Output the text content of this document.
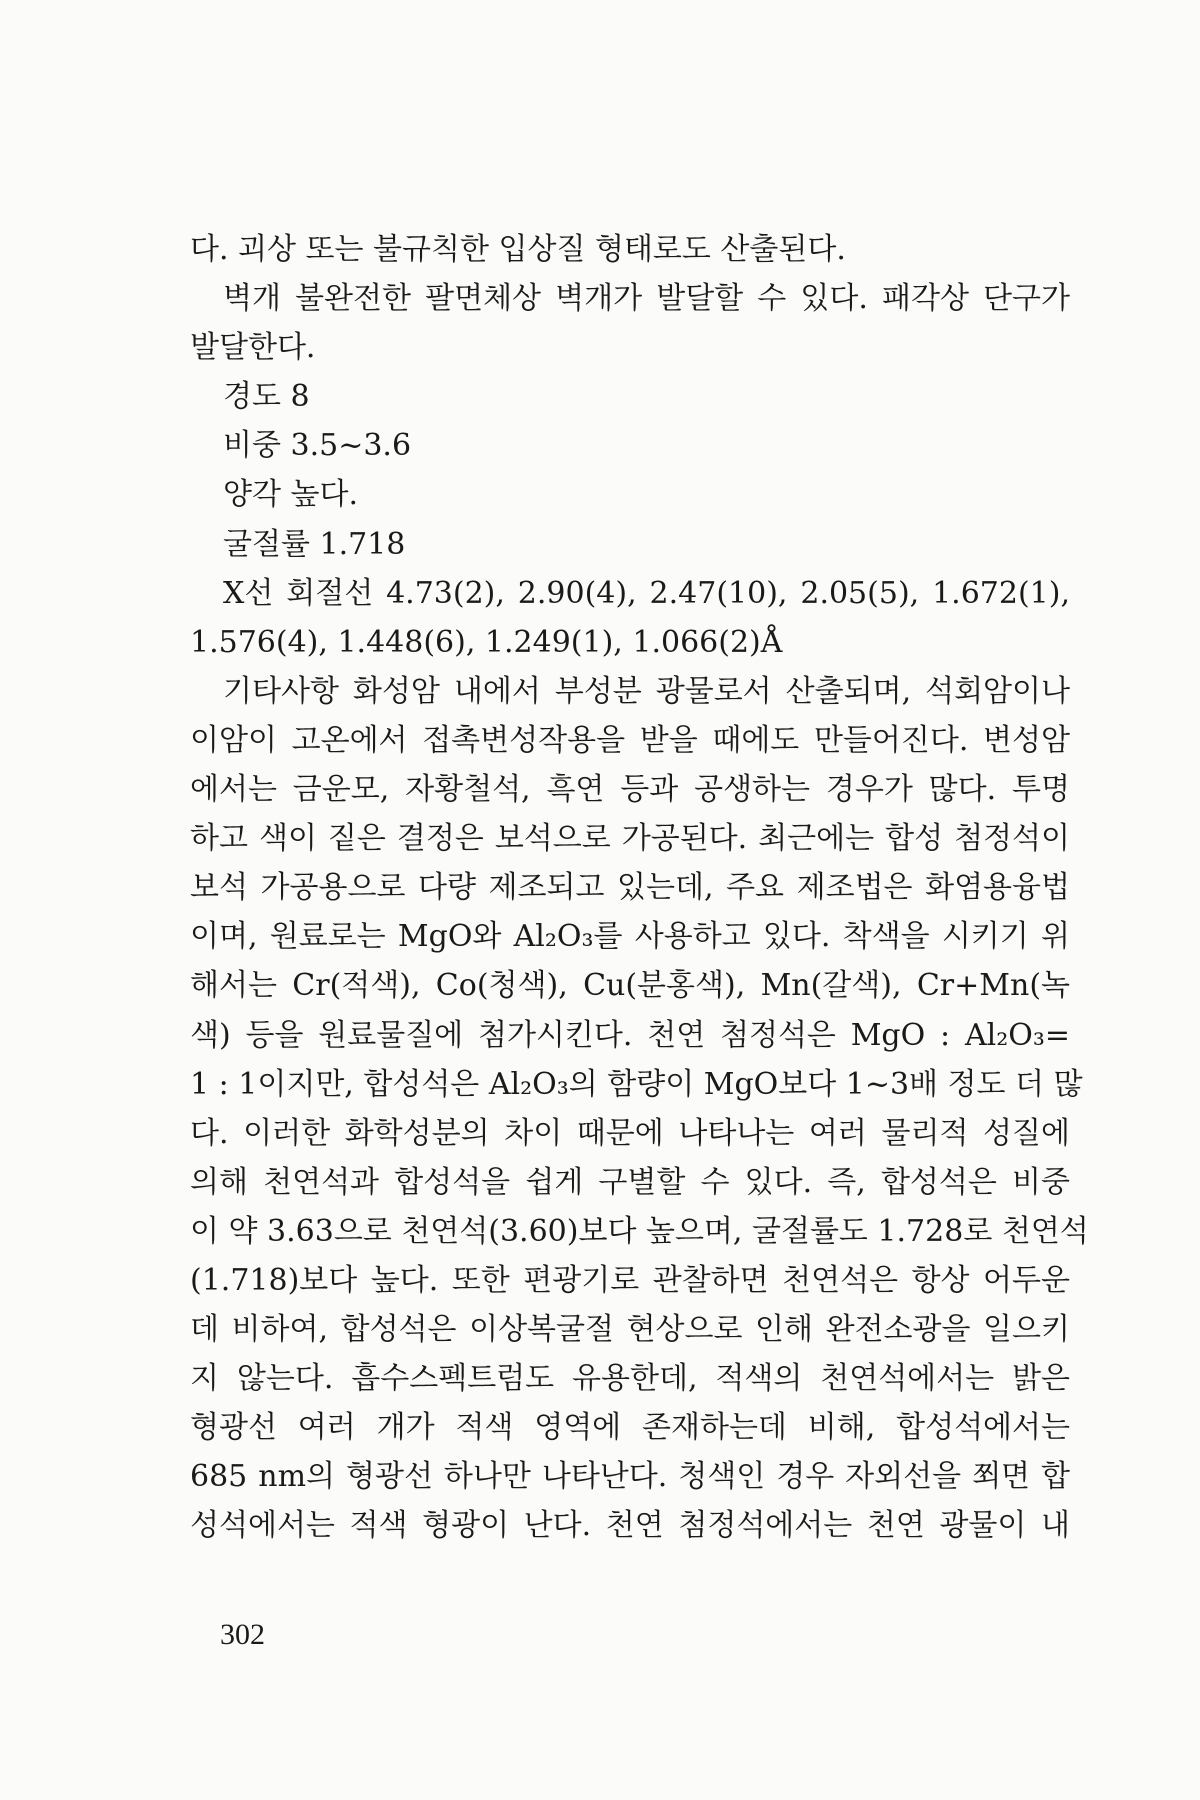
다. 괴상 또는 불규칙한 입상질 형태로도 산출된다.
벽개 불완전한 팔면체상 벽개가 발달할 수 있다. 패각상 단구가
발달한다.
경도 8
비중 3.5~3.6
양각 높다.
굴절률 1.718
X선 회절선 4.73(2), 2.90(4), 2.47(10), 2.05(5), 1.672(1),
1.576(4), 1.448(6), 1.249(1), 1.066(2)Å
기타사항 화성암 내에서 부성분 광물로서 산출되며, 석회암이나
이암이 고온에서 접촉변성작용을 받을 때에도 만들어진다. 변성암
에서는 금운모, 자황철석, 흑연 등과 공생하는 경우가 많다. 투명
하고 색이 짙은 결정은 보석으로 가공된다. 최근에는 합성 첨정석이
보석 가공용으로 다량 제조되고 있는데, 주요 제조법은 화염용융법
이며, 원료로는 MgO와 Al₂O₃를 사용하고 있다. 착색을 시키기 위
해서는 Cr(적색), Co(청색), Cu(분홍색), Mn(갈색), Cr+Mn(녹
색) 등을 원료물질에 첨가시킨다. 천연 첨정석은 MgO : Al₂O₃=
1 : 1이지만, 합성석은 Al₂O₃의 함량이 MgO보다 1~3배 정도 더 많
다. 이러한 화학성분의 차이 때문에 나타나는 여러 물리적 성질에
의해 천연석과 합성석을 쉽게 구별할 수 있다. 즉, 합성석은 비중
이 약 3.63으로 천연석(3.60)보다 높으며, 굴절률도 1.728로 천연석
(1.718)보다 높다. 또한 편광기로 관찰하면 천연석은 항상 어두운
데 비하여, 합성석은 이상복굴절 현상으로 인해 완전소광을 일으키
지 않는다. 흡수스펙트럼도 유용한데, 적색의 천연석에서는 밝은
형광선 여러 개가 적색 영역에 존재하는데 비해, 합성석에서는
685 nm의 형광선 하나만 나타난다. 청색인 경우 자외선을 쬐면 합
성석에서는 적색 형광이 난다. 천연 첨정석에서는 천연 광물이 내
302
